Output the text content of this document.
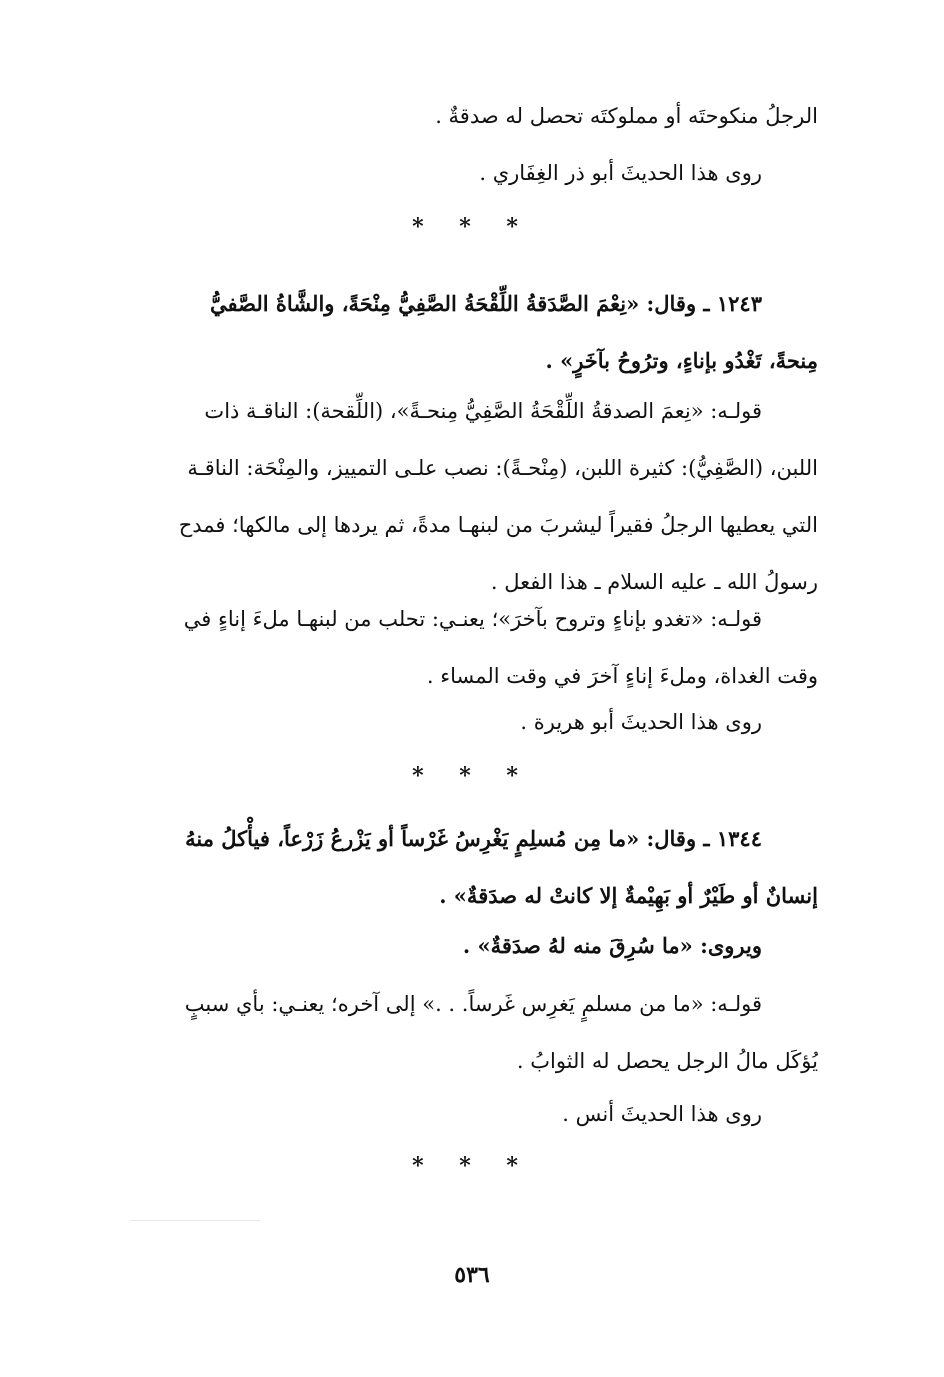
الرجلُ منكوحتَه أو مملوكتَه تحصل له صدقةٌ .
روى هذا الحديثَ أبو ذر الغِفَاري .
* * *
١٢٤٣ ـ وقال: «نِعْمَ الصَّدَقةُ اللِّقْحَةُ الصَّفِيُّ مِنْحَةً، والشَّاةُ الصَّفيُّ
مِنحةً، تَغْدُو بإناءٍ، وترُوحُ بآخَرٍ» .
قولـه: «نِعمَ الصدقةُ اللِّقْحَةُ الصَّفِيُّ مِنحـةً»، (اللِّقحة): الناقـة ذات
اللبن، (الصَّفِيُّ): كثيرة اللبن، (مِنْحـةً): نصب علـى التمييز، والمِنْحَة: الناقـة
التي يعطيها الرجلُ فقيراً ليشربَ من لبنهـا مدةً، ثم يردها إلى مالكها؛ فمدح
رسولُ الله ـ عليه السلام ـ هذا الفعل .
قولـه: «تغدو بإناءٍ وتروح بآخرَ»؛ يعنـي: تحلب من لبنهـا ملءَ إناءٍ في
وقت الغداة، وملءَ إناءٍ آخرَ في وقت المساء .
روى هذا الحديثَ أبو هريرة .
* * *
١٣٤٤ ـ وقال: «ما مِن مُسلِمٍ يَغْرِسُ غَرْساً أو يَزْرعُ زَرْعاً، فيأْكلُ منهُ
إنسانٌ أو طَيْرٌ أو بَهِيْمةٌ إلا كانتْ له صدَقةٌ» .
ويروى: «ما سُرِقَ منه لهُ صدَقةٌ» .
قولـه: «ما من مسلمٍ يَغرِس غَرساً. . .» إلى آخره؛ يعنـي: بأي سببٍ
يُؤكَل مالُ الرجل يحصل له الثوابُ .
روى هذا الحديثَ أنس .
* * *
٥٣٦
